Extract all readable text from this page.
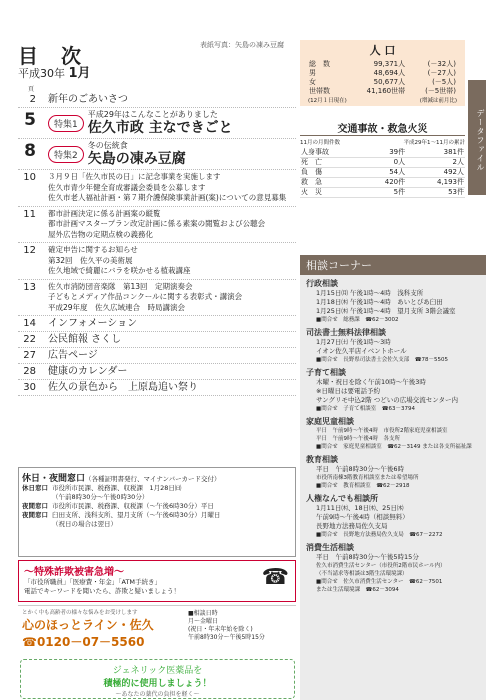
目 次
平成30年 1月
表紙写真：矢島の凍み豆腐
頁
2	新年のごあいさつ
5	特集1
平成29年はこんなことがありました
佐久市政 主なできごと
8	特集2
冬の伝統食
矢島の凍み豆腐
10	３月９日「佐久市民の日」に記念事業を実施します
佐久市青少年健全育成審議会委員を公募します
佐久市老人福祉計画・第７期介護保険事業計画(案)についての意見募集
11	都市計画決定に係る計画案の縦覧
都市計画マスタープラン改定計画に係る素案の閲覧および公聴会
屋外広告物の定期点検の義務化
12	確定申告に関するお知らせ
第32回　佐久平の美術展
佐久地域で綺麗にバラを咲かせる植栽講座
13	佐久市消防団音楽隊　第13回　定期演奏会
子どもとメディア作品コンクールに関する表彰式・講演会
平成29年度　佐久広域連合　時局講演会
14	インフォメーション
22	公民館報 さくし
27	広告ページ
28	健康のカレンダー
30	佐久の景色から　上原島追い祭り
人 口
総　数	99,371人	(－32人)
男	48,694人	(－27人)
女	50,677人	(－5人)
世帯数	41,160世帯	(－5世帯)
(12月１日現在)	(増減は前月比)
データファイル
交通事故・救急火災
11月の月間件数	平成29年1～11月の累計
人身事故	39件	381件
死　亡	0人	2人
負　傷	54人	492人
救　急	420件	4,193件
火　災	5件	53件
相談コーナー
行政相談
1月15日㈪ 午後1時～4時　浅科支所
1月18日㈭ 午後1時～4時　あいとぴあ臼田
1月25日㈭ 午後1時～4時　望月支所 3階会議室
■問合せ　総務課　☎62－3002
司法書士無料法律相談
1月27日㈯ 午後1時～3時
イオン佐久平店イベントホール
■問合せ　長野県司法書士会佐久支部　☎78－5505
子育て相談
木曜・祝日を除く午前10時～午後3時
※日曜日は要電話予約
サングリモ中込2階 つどいの広場交流センター内
■問合せ　子育て相談室　☎63－3794
家庭児童相談
平日　午前9時～午後4時　市役所2階家庭児童相談室
平日　午前9時～午後4時　各支所
■問合せ　家庭児童相談室　☎62－3149 または各支所福祉課
教育相談
平日　午前8時30分～午後6時
市役所南棟3階教育相談室または希望場所
■問合せ　教育相談室　☎62－2918
人権なんでも相談所
1月11日㈭、18日㈭、25日㈭
午前9時～午後4時（相談無料）
長野地方法務局佐久支局
■問合せ　長野地方法務局佐久支局　☎67－2272
消費生活相談
平日　午前8時30分～午後5時15分
佐久市消費生活センター（市役所2階市民ホール内）
（不当請求等相談は3階生活環境課）
■問合せ　佐久市消費生活センター　☎62－7501
または生活環境課　☎62－3094
休日・夜間窓口（各種証明書発行、マイナンバーカード交付）
休日窓口 市役所市民課、税務課、収税課　1月28日㈰
（午前8時30分～午後0時30分）
夜間窓口 市役所市民課、税務課、収税課（～午後6時30分）平日
夜間窓口 臼田支所、浅科支所、望月支所（～午後6時30分）月曜日
（祝日の場合は翌日）
～特殊詐欺被害急増～
「市役所職員」「医療費・年金」「ATM手続き」
電話でキーワードを聞いたら、詐欺と疑いましょう！
☎
とかく中も高齢者の様々な悩みをお受けします
心のほっとライン・佐久
☎0120－07－5560
■相談日時
月～金曜日
(祝日・年末年始を除く)
午前8時30分～午後5時15分
ジェネリック医薬品を
積極的に使用しましょう！
～あなたの薬代の負担を軽く～
